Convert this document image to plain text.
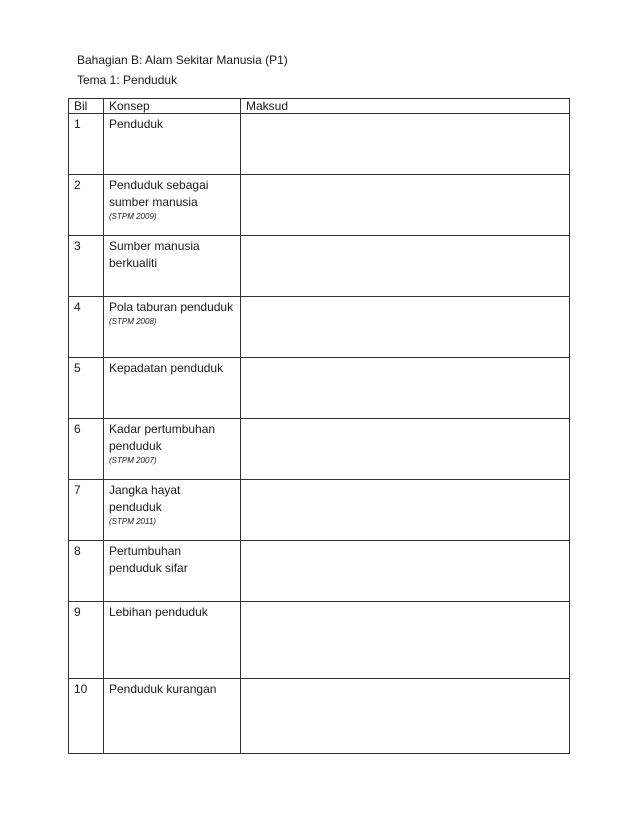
Bahagian B: Alam Sekitar Manusia (P1)
Tema 1: Penduduk
Bil	Konsep	Maksud
1	Penduduk	

2	Penduduk sebagai sumber manusia
(STPM 2009)	

3	Sumber manusia berkualiti	

4	Pola taburan penduduk
(STPM 2008)	

5	Kepadatan penduduk	

6	Kadar pertumbuhan penduduk
(STPM 2007)	

7	Jangka hayat penduduk
(STPM 2011)	

8	Pertumbuhan penduduk sifar	

9	Lebihan penduduk	

10	Penduduk kurangan	
